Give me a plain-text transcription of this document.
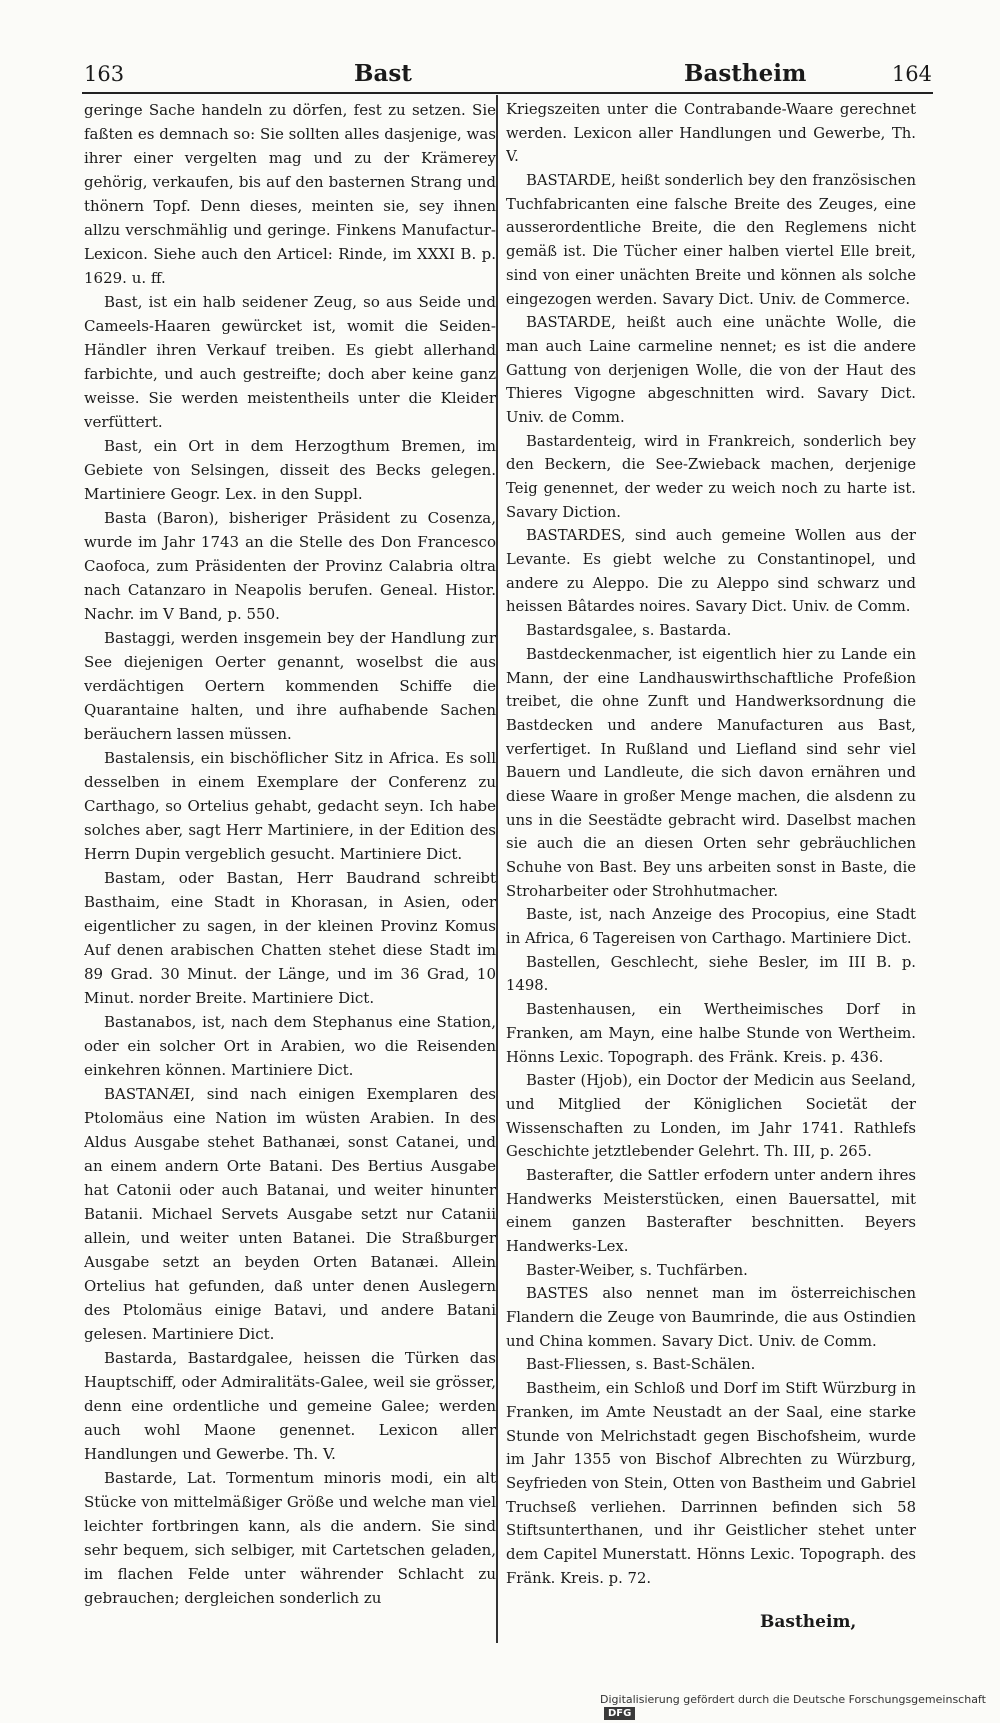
163	Bast	Bastheim	164

geringe Sache handeln zu dörfen, fest zu setzen. Sie faßten es demnach so: Sie sollten alles dasjenige, was ihrer einer vergelten mag und zu der Krämerey gehörig, verkaufen, bis auf den basternen Strang und thönern Topf. Denn dieses, meinten sie, sey ihnen allzu verschmählig und geringe. Finkens Manufactur-Lexicon. Siehe auch den Articel: Rinde, im XXXI B. p. 1629. u. ff.

Bast, ist ein halb seidener Zeug, so aus Seide und Cameels-Haaren gewürcket ist, womit die Seiden-Händler ihren Verkauf treiben. Es giebt allerhand farbichte, und auch gestreifte; doch aber keine ganz weisse. Sie werden meistentheils unter die Kleider verfüttert.

Bast, ein Ort in dem Herzogthum Bremen, im Gebiete von Selsingen, disseit des Becks gelegen. Martiniere Geogr. Lex. in den Suppl.

Basta (Baron), bisheriger Präsident zu Cosenza, wurde im Jahr 1743 an die Stelle des Don Francesco Caofoca, zum Präsidenten der Provinz Calabria oltra nach Catanzaro in Neapolis berufen. Geneal. Histor. Nachr. im V Band, p. 550.

Bastaggi, werden insgemein bey der Handlung zur See diejenigen Oerter genannt, woselbst die aus verdächtigen Oertern kommenden Schiffe die Quarantaine halten, und ihre aufhabende Sachen beräuchern lassen müssen.

Bastalensis, ein bischöflicher Sitz in Africa. Es soll desselben in einem Exemplare der Conferenz zu Carthago, so Ortelius gehabt, gedacht seyn. Ich habe solches aber, sagt Herr Martiniere, in der Edition des Herrn Dupin vergeblich gesucht. Martiniere Dict.

Bastam, oder Bastan, Herr Baudrand schreibt Basthaim, eine Stadt in Khorasan, in Asien, oder eigentlicher zu sagen, in der kleinen Provinz Komus Auf denen arabischen Chatten stehet diese Stadt im 89 Grad. 30 Minut. der Länge, und im 36 Grad, 10 Minut. norder Breite. Martiniere Dict.

Bastanabos, ist, nach dem Stephanus eine Station, oder ein solcher Ort in Arabien, wo die Reisenden einkehren können. Martiniere Dict.

BASTANÆI, sind nach einigen Exemplaren des Ptolomäus eine Nation im wüsten Arabien. In des Aldus Ausgabe stehet Bathanæi, sonst Catanei, und an einem andern Orte Batani. Des Bertius Ausgabe hat Catonii oder auch Batanai, und weiter hinunter Batanii. Michael Servets Ausgabe setzt nur Catanii allein, und weiter unten Batanei. Die Straßburger Ausgabe setzt an beyden Orten Batanæi. Allein Ortelius hat gefunden, daß unter denen Auslegern des Ptolomäus einige Batavi, und andere Batani gelesen. Martiniere Dict.

Bastarda, Bastardgalee, heissen die Türken das Hauptschiff, oder Admiralitäts-Galee, weil sie grösser, denn eine ordentliche und gemeine Galee; werden auch wohl Maone genennet. Lexicon aller Handlungen und Gewerbe. Th. V.

Bastarde, Lat. Tormentum minoris modi, ein alt Stücke von mittelmäßiger Größe und welche man viel leichter fortbringen kann, als die andern. Sie sind sehr bequem, sich selbiger, mit Cartetschen geladen, im flachen Felde unter währender Schlacht zu gebrauchen; dergleichen sonderlich zu

Kriegszeiten unter die Contrabande-Waare gerechnet werden. Lexicon aller Handlungen und Gewerbe, Th. V.

BASTARDE, heißt sonderlich bey den französischen Tuchfabricanten eine falsche Breite des Zeuges, eine ausserordentliche Breite, die den Reglemens nicht gemäß ist. Die Tücher einer halben viertel Elle breit, sind von einer unächten Breite und können als solche eingezogen werden. Savary Dict. Univ. de Commerce.

BASTARDE, heißt auch eine unächte Wolle, die man auch Laine carmeline nennet; es ist die andere Gattung von derjenigen Wolle, die von der Haut des Thieres Vigogne abgeschnitten wird. Savary Dict. Univ. de Comm.

Bastardenteig, wird in Frankreich, sonderlich bey den Beckern, die See-Zwieback machen, derjenige Teig genennet, der weder zu weich noch zu harte ist. Savary Diction.

BASTARDES, sind auch gemeine Wollen aus der Levante. Es giebt welche zu Constantinopel, und andere zu Aleppo. Die zu Aleppo sind schwarz und heissen Bâtardes noires. Savary Dict. Univ. de Comm.

Bastardsgalee, s. Bastarda.

Bastdeckenmacher, ist eigentlich hier zu Lande ein Mann, der eine Landhauswirthschaftliche Profeßion treibet, die ohne Zunft und Handwerksordnung die Bastdecken und andere Manufacturen aus Bast, verfertiget. In Rußland und Liefland sind sehr viel Bauern und Landleute, die sich davon ernähren und diese Waare in großer Menge machen, die alsdenn zu uns in die Seestädte gebracht wird. Daselbst machen sie auch die an diesen Orten sehr gebräuchlichen Schuhe von Bast. Bey uns arbeiten sonst in Baste, die Stroharbeiter oder Strohhutmacher.

Baste, ist, nach Anzeige des Procopius, eine Stadt in Africa, 6 Tagereisen von Carthago. Martiniere Dict.

Bastellen, Geschlecht, siehe Besler, im III B. p. 1498.

Bastenhausen, ein Wertheimisches Dorf in Franken, am Mayn, eine halbe Stunde von Wertheim. Hönns Lexic. Topograph. des Fränk. Kreis. p. 436.

Baster (Hjob), ein Doctor der Medicin aus Seeland, und Mitglied der Königlichen Societät der Wissenschaften zu Londen, im Jahr 1741. Rathlefs Geschichte jetztlebender Gelehrt. Th. III, p. 265.

Basterafter, die Sattler erfodern unter andern ihres Handwerks Meisterstücken, einen Bauersattel, mit einem ganzen Basterafter beschnitten. Beyers Handwerks-Lex.

Baster-Weiber, s. Tuchfärben.

BASTES also nennet man im österreichischen Flandern die Zeuge von Baumrinde, die aus Ostindien und China kommen. Savary Dict. Univ. de Comm.

Bast-Fliessen, s. Bast-Schälen.

Bastheim, ein Schloß und Dorf im Stift Würzburg in Franken, im Amte Neustadt an der Saal, eine starke Stunde von Melrichstadt gegen Bischofsheim, wurde im Jahr 1355 von Bischof Albrechten zu Würzburg, Seyfrieden von Stein, Otten von Bastheim und Gabriel Truchseß verliehen. Darrinnen befinden sich 58 Stiftsunterthanen, und ihr Geistlicher stehet unter dem Capitel Munerstatt. Hönns Lexic. Topograph. des Fränk. Kreis. p. 72.

Bastheim,
Digitalisierung gefördert durch die Deutsche Forschungsgemeinschaft DFG
